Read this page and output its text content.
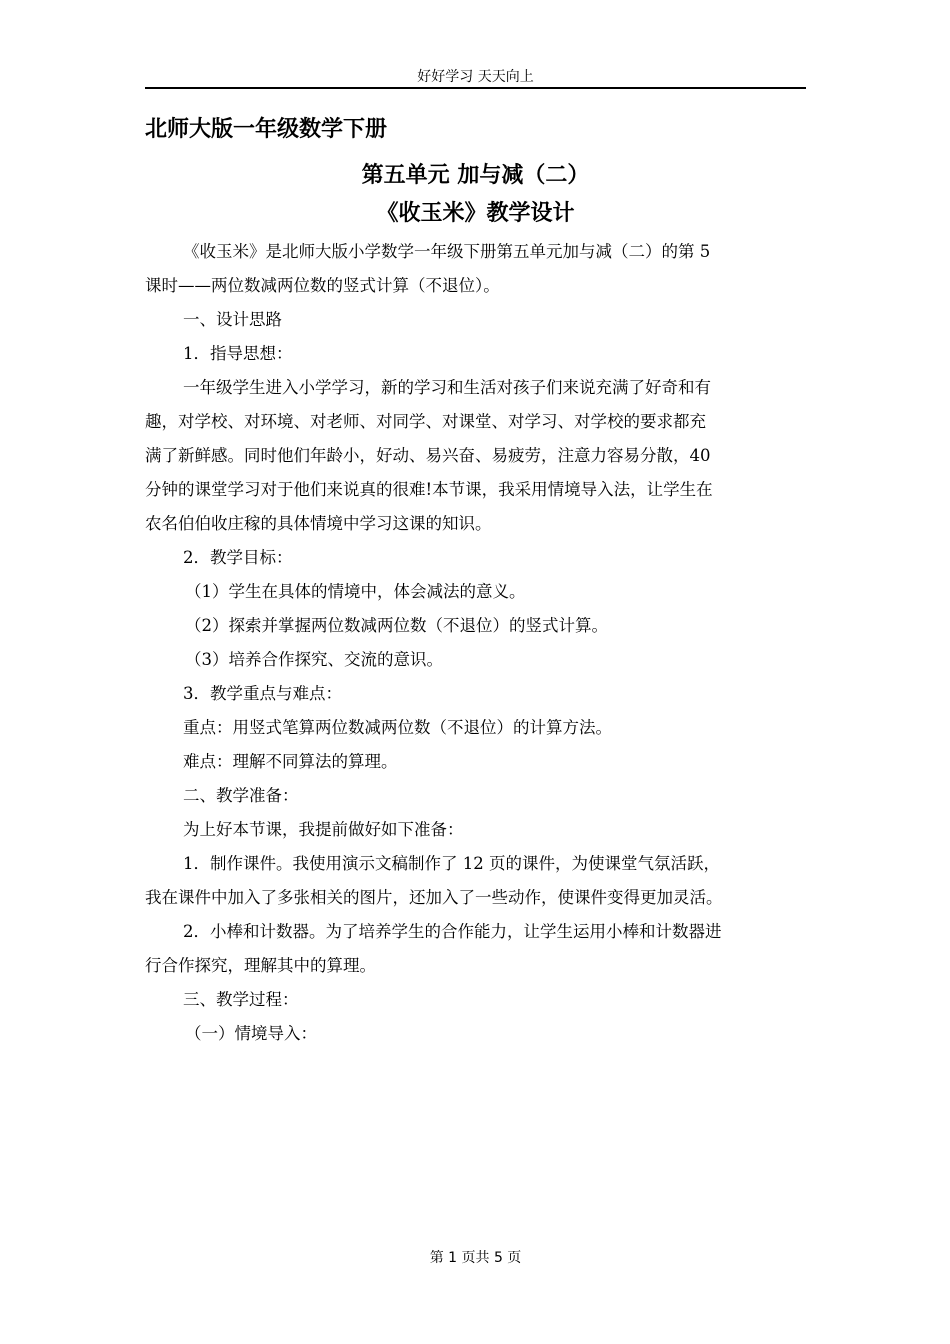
好好学习 天天向上
北师大版一年级数学下册
第五单元 加与减（二）
《收玉米》教学设计

《收玉米》是北师大版小学数学一年级下册第五单元加与减（二）的第 5

课时——两位数减两位数的竖式计算（不退位）。

一、设计思路

1．指导思想：

一年级学生进入小学学习，新的学习和生活对孩子们来说充满了好奇和有

趣，对学校、对环境、对老师、对同学、对课堂、对学习、对学校的要求都充

满了新鲜感。同时他们年龄小，好动、易兴奋、易疲劳，注意力容易分散，40

分钟的课堂学习对于他们来说真的很难!本节课，我采用情境导入法，让学生在

农名伯伯收庄稼的具体情境中学习这课的知识。

2．教学目标：

（1）学生在具体的情境中，体会减法的意义。

（2）探索并掌握两位数减两位数（不退位）的竖式计算。

（3）培养合作探究、交流的意识。

3．教学重点与难点：

重点：用竖式笔算两位数减两位数（不退位）的计算方法。

难点：理解不同算法的算理。

二、教学准备：

为上好本节课，我提前做好如下准备：

1．制作课件。我使用演示文稿制作了 12 页的课件，为使课堂气氛活跃，

我在课件中加入了多张相关的图片，还加入了一些动作，使课件变得更加灵活。

2．小棒和计数器。为了培养学生的合作能力，让学生运用小棒和计数器进

行合作探究，理解其中的算理。

三、教学过程：

（一）情境导入：

第 1 页共 5 页
